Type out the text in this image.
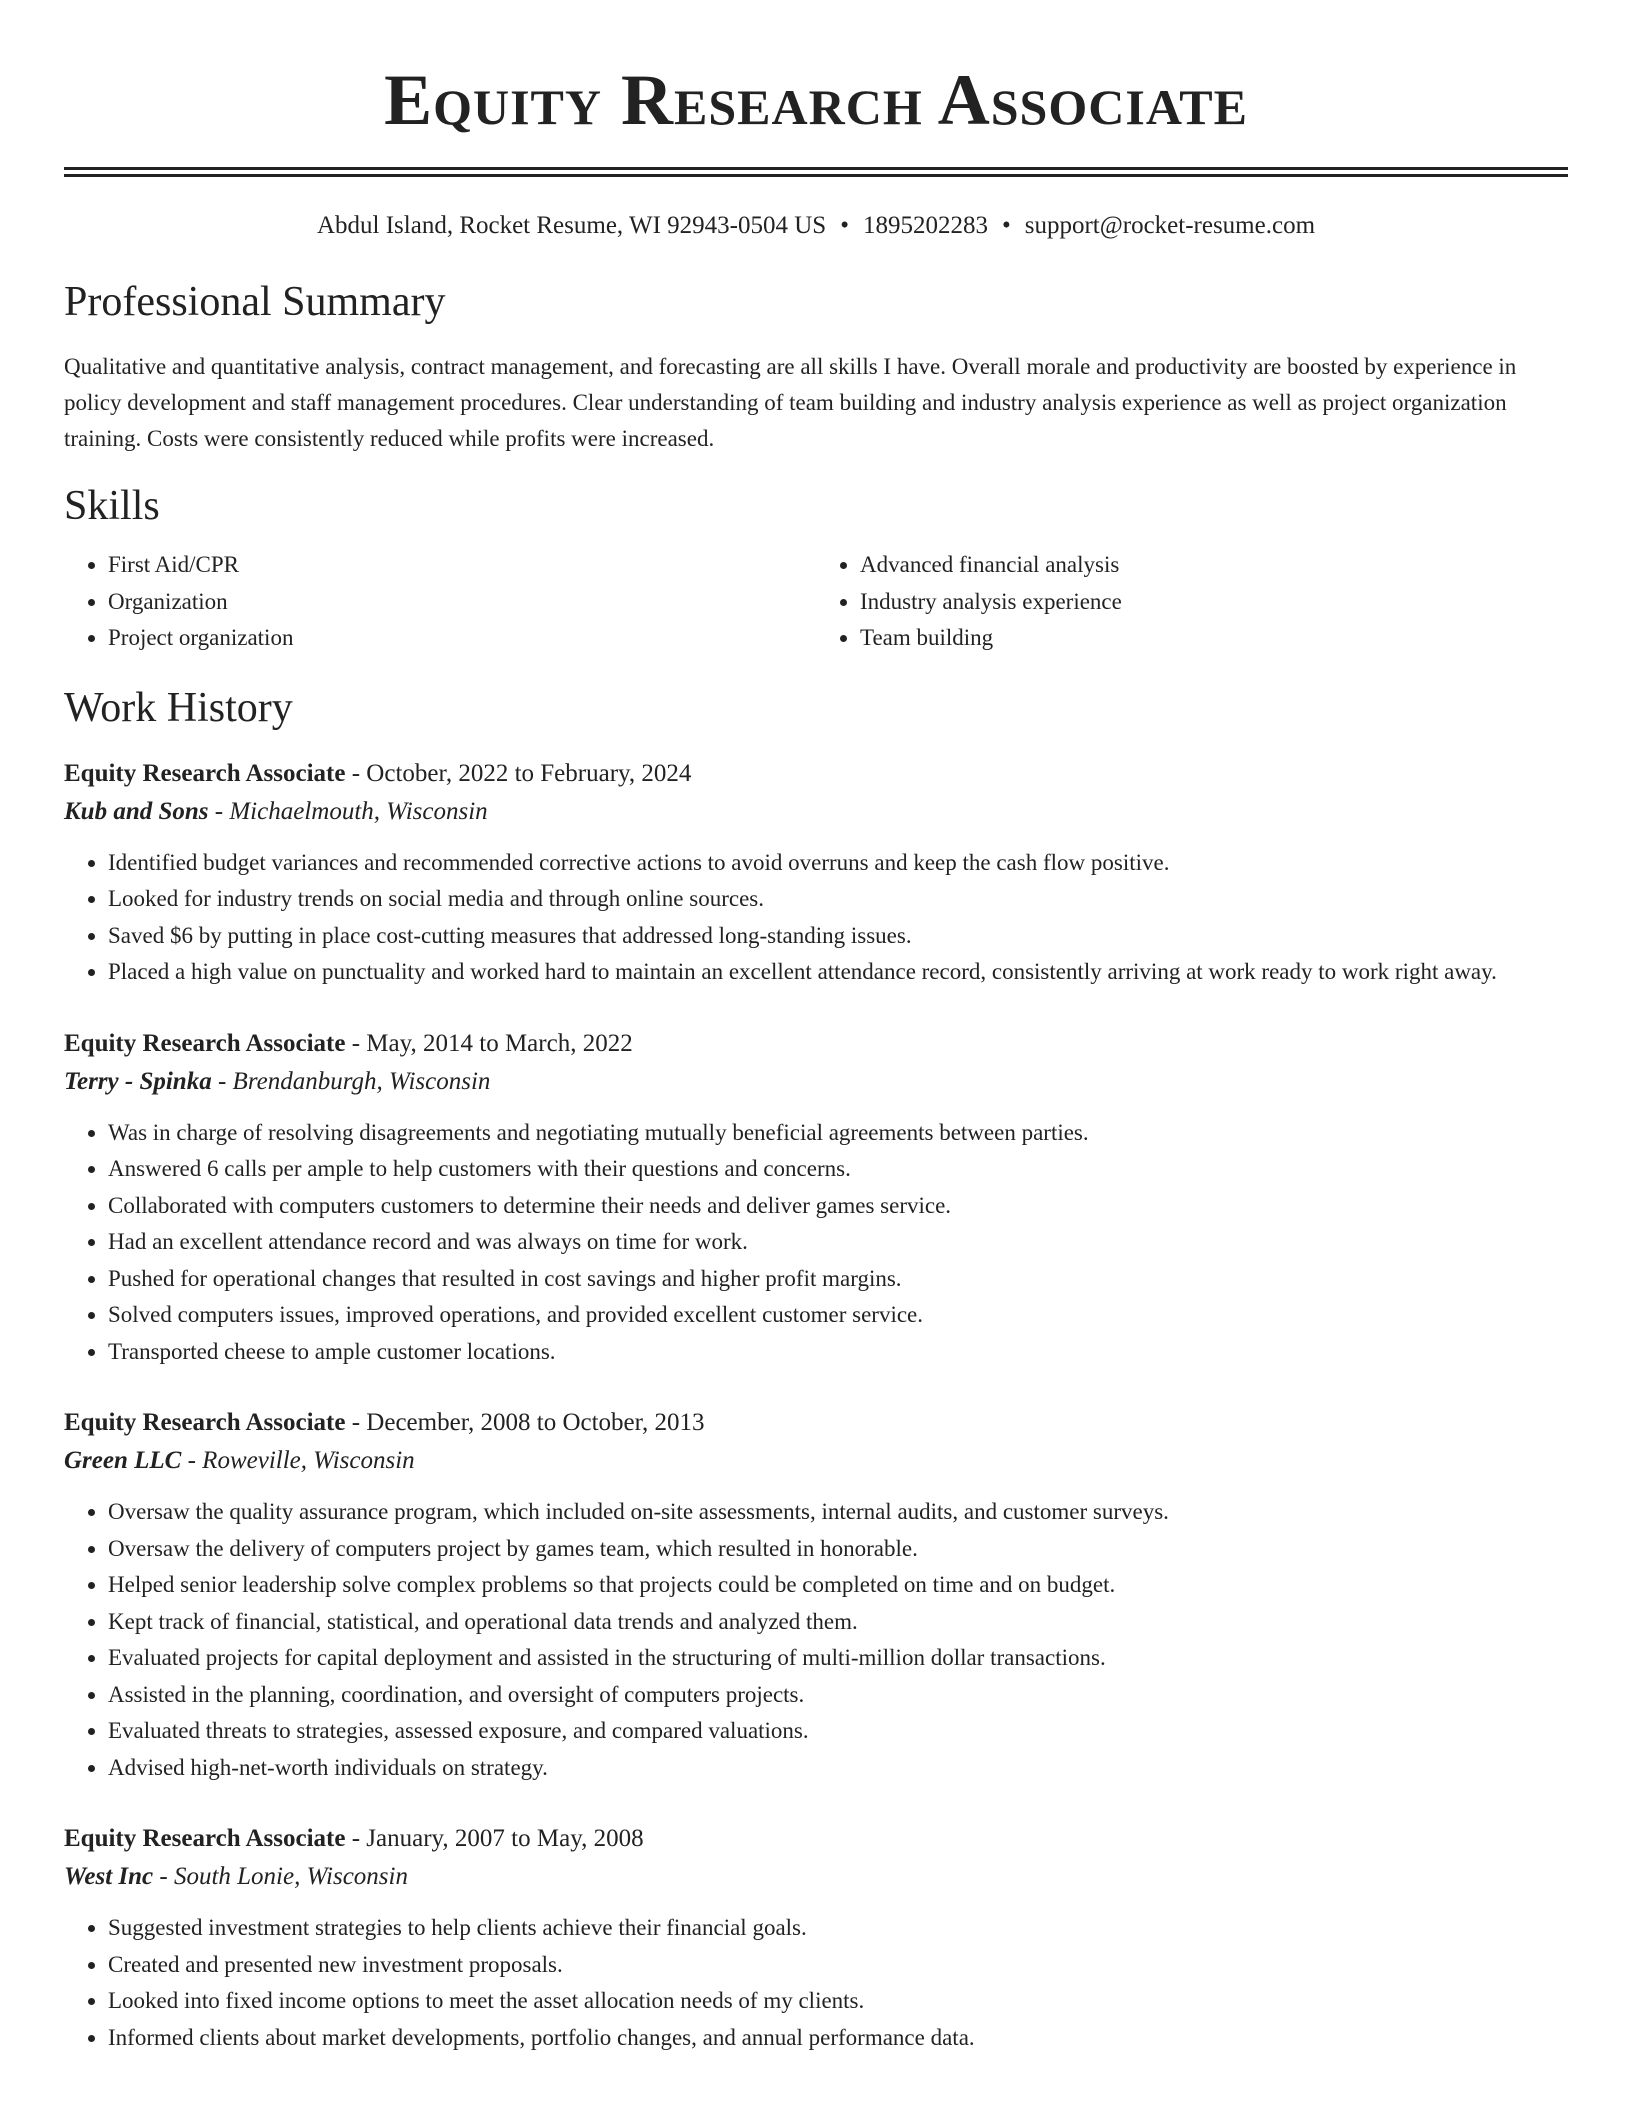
Equity Research Associate
Abdul Island, Rocket Resume, WI 92943-0504 US • 1895202283 • support@rocket-resume.com
Professional Summary

Qualitative and quantitative analysis, contract management, and forecasting are all skills I have. Overall morale and productivity are boosted by experience in policy development and staff management procedures. Clear understanding of team building and industry analysis experience as well as project organization training. Costs were consistently reduced while profits were increased.

Skills
• First Aid/CPR
• Organization
• Project organization
• Advanced financial analysis
• Industry analysis experience
• Team building
Work History
Equity Research Associate - October, 2022 to February, 2024
Kub and Sons - Michaelmouth, Wisconsin
• Identified budget variances and recommended corrective actions to avoid overruns and keep the cash flow positive.
• Looked for industry trends on social media and through online sources.
• Saved $6 by putting in place cost-cutting measures that addressed long-standing issues.
• Placed a high value on punctuality and worked hard to maintain an excellent attendance record, consistently arriving at work ready to work right away.
Equity Research Associate - May, 2014 to March, 2022
Terry - Spinka - Brendanburgh, Wisconsin
• Was in charge of resolving disagreements and negotiating mutually beneficial agreements between parties.
• Answered 6 calls per ample to help customers with their questions and concerns.
• Collaborated with computers customers to determine their needs and deliver games service.
• Had an excellent attendance record and was always on time for work.
• Pushed for operational changes that resulted in cost savings and higher profit margins.
• Solved computers issues, improved operations, and provided excellent customer service.
• Transported cheese to ample customer locations.
Equity Research Associate - December, 2008 to October, 2013
Green LLC - Roweville, Wisconsin
• Oversaw the quality assurance program, which included on-site assessments, internal audits, and customer surveys.
• Oversaw the delivery of computers project by games team, which resulted in honorable.
• Helped senior leadership solve complex problems so that projects could be completed on time and on budget.
• Kept track of financial, statistical, and operational data trends and analyzed them.
• Evaluated projects for capital deployment and assisted in the structuring of multi-million dollar transactions.
• Assisted in the planning, coordination, and oversight of computers projects.
• Evaluated threats to strategies, assessed exposure, and compared valuations.
• Advised high-net-worth individuals on strategy.
Equity Research Associate - January, 2007 to May, 2008
West Inc - South Lonie, Wisconsin
• Suggested investment strategies to help clients achieve their financial goals.
• Created and presented new investment proposals.
• Looked into fixed income options to meet the asset allocation needs of my clients.
• Informed clients about market developments, portfolio changes, and annual performance data.
